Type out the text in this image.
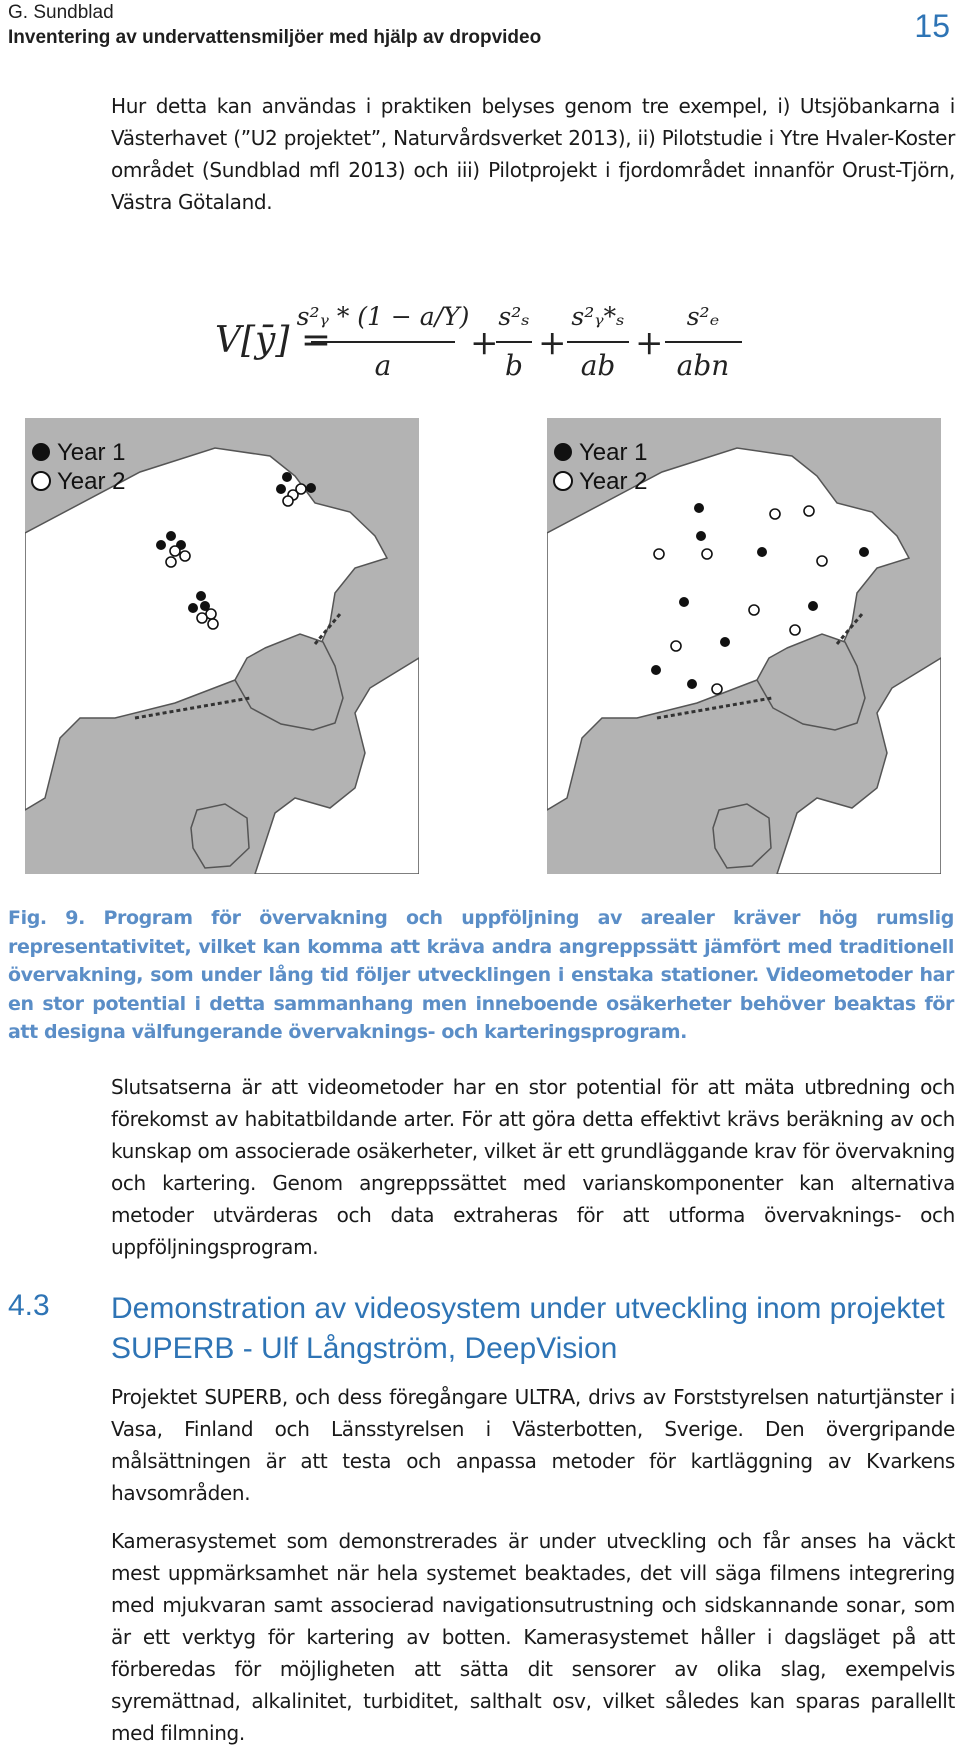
G. Sundblad
Inventering av undervattensmiljöer med hjälp av dropvideo	15

Hur detta kan användas i praktiken belyses genom tre exempel, i) Utsjöbankarna i Västerhavet (”U2 projektet”, Naturvårdsverket 2013), ii) Pilotstudie i Ytre Hvaler-Koster området (Sundblad mfl 2013) och iii) Pilotprojekt i fjordområdet innanför Orust-Tjörn, Västra Götaland.

V[ȳ] =
s²ᵧ * (1 − a/Y)
a
+
s²ₛ
b
+
s²ᵧ*ₛ
ab
+
s²ₑ
abn
Year 1
Year 2
Year 1
Year 2

Fig. 9. Program för övervakning och uppföljning av arealer kräver hög rumslig representativitet, vilket kan komma att kräva andra angreppssätt jämfört med traditionell övervakning, som under lång tid följer utvecklingen i enstaka stationer. Videometoder har en stor potential i detta sammanhang men inneboende osäkerheter behöver beaktas för att designa välfungerande övervaknings- och karteringsprogram.

Slutsatserna är att videometoder har en stor potential för att mäta utbredning och förekomst av habitatbildande arter. För att göra detta effektivt krävs beräkning av och kunskap om associerade osäkerheter, vilket är ett grundläggande krav för övervakning och kartering. Genom angreppssättet med varianskomponenter kan alternativa metoder utvärderas och data extraheras för att utforma övervaknings- och uppföljningsprogram.

4.3 Demonstration av videosystem under utveckling inom projektet SUPERB - Ulf Långström, DeepVision

Projektet SUPERB, och dess föregångare ULTRA, drivs av Forststyrelsen naturtjänster i Vasa, Finland och Länsstyrelsen i Västerbotten, Sverige. Den övergripande målsättningen är att testa och anpassa metoder för kartläggning av Kvarkens havsområden.

Kamerasystemet som demonstrerades är under utveckling och får anses ha väckt mest uppmärksamhet när hela systemet beaktades, det vill säga filmens integrering med mjukvaran samt associerad navigationsutrustning och sidskannande sonar, som är ett verktyg för kartering av botten. Kamerasystemet håller i dagsläget på att förberedas för möjligheten att sätta dit sensorer av olika slag, exempelvis syremättnad, alkalinitet, turbiditet, salthalt osv, vilket således kan sparas parallellt med filmning.
